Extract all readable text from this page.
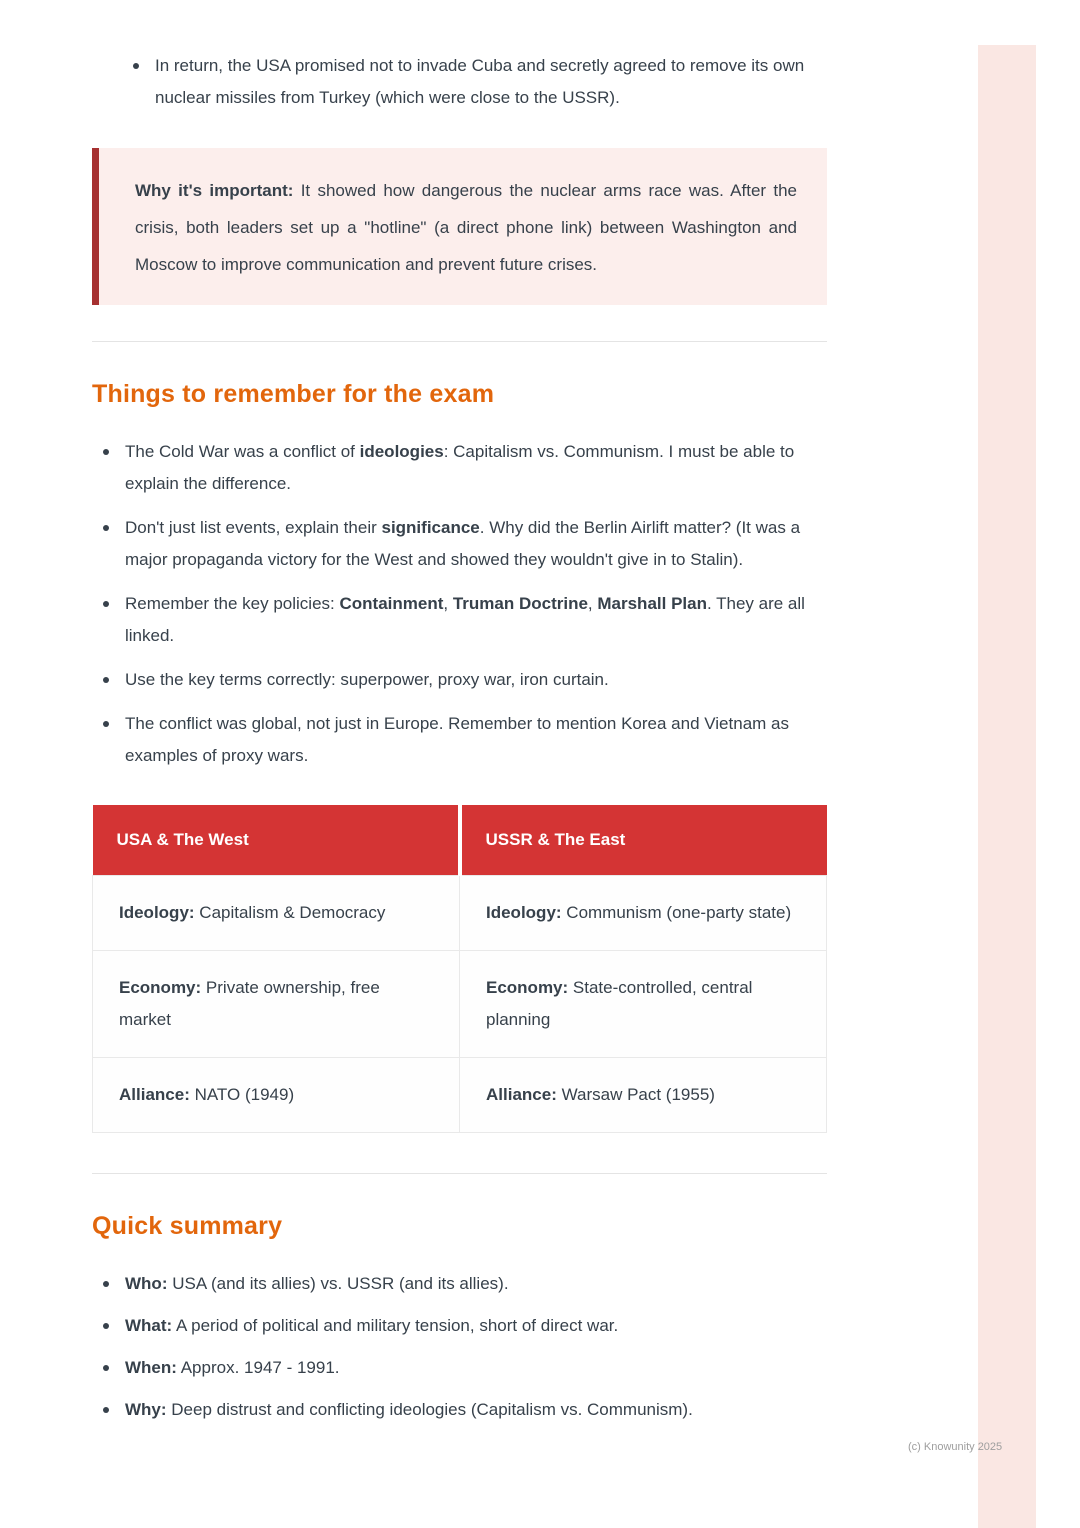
(c) Knowunity 2025
In return, the USA promised not to invade Cuba and secretly agreed to remove its own nuclear missiles from Turkey (which were close to the USSR).

Why it's important: It showed how dangerous the nuclear arms race was. After the crisis, both leaders set up a "hotline" (a direct phone link) between Washington and Moscow to improve communication and prevent future crises.

Things to remember for the exam
The Cold War was a conflict of ideologies: Capitalism vs. Communism. I must be able to explain the difference.
Don't just list events, explain their significance. Why did the Berlin Airlift matter? (It was a major propaganda victory for the West and showed they wouldn't give in to Stalin).
Remember the key policies: Containment, Truman Doctrine, Marshall Plan. They are all linked.
Use the key terms correctly: superpower, proxy war, iron curtain.
The conflict was global, not just in Europe. Remember to mention Korea and Vietnam as examples of proxy wars.
USA & The West	USSR & The East
Ideology: Capitalism & Democracy	Ideology: Communism (one-party state)
Economy: Private ownership, free market	Economy: State-controlled, central planning
Alliance: NATO (1949)	Alliance: Warsaw Pact (1955)
Quick summary
Who: USA (and its allies) vs. USSR (and its allies).
What: A period of political and military tension, short of direct war.
When: Approx. 1947 - 1991.
Why: Deep distrust and conflicting ideologies (Capitalism vs. Communism).
